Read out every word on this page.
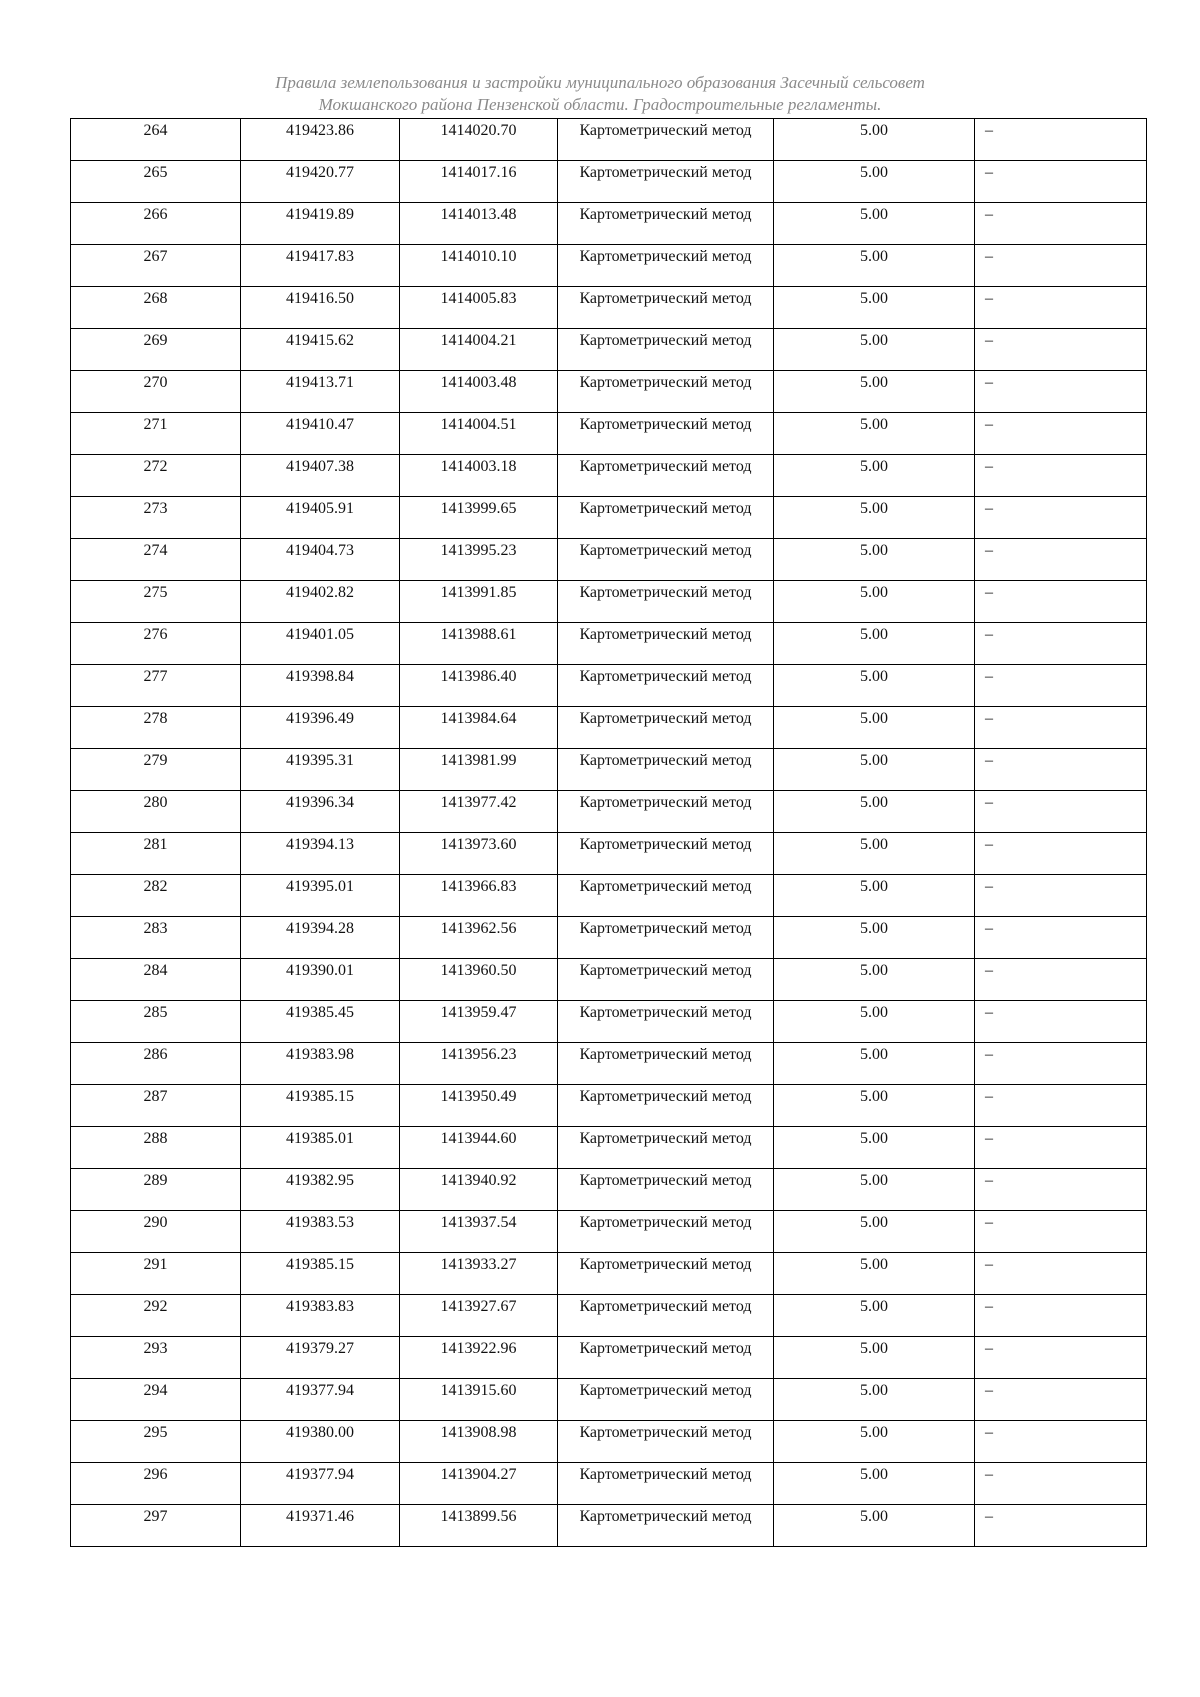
Правила землепользования и застройки муниципального образования Засечный сельсовет
Мокшанского района Пензенской области. Градостроительные регламенты.
264	419423.86	1414020.70	Картометрический метод	5.00	–
265	419420.77	1414017.16	Картометрический метод	5.00	–
266	419419.89	1414013.48	Картометрический метод	5.00	–
267	419417.83	1414010.10	Картометрический метод	5.00	–
268	419416.50	1414005.83	Картометрический метод	5.00	–
269	419415.62	1414004.21	Картометрический метод	5.00	–
270	419413.71	1414003.48	Картометрический метод	5.00	–
271	419410.47	1414004.51	Картометрический метод	5.00	–
272	419407.38	1414003.18	Картометрический метод	5.00	–
273	419405.91	1413999.65	Картометрический метод	5.00	–
274	419404.73	1413995.23	Картометрический метод	5.00	–
275	419402.82	1413991.85	Картометрический метод	5.00	–
276	419401.05	1413988.61	Картометрический метод	5.00	–
277	419398.84	1413986.40	Картометрический метод	5.00	–
278	419396.49	1413984.64	Картометрический метод	5.00	–
279	419395.31	1413981.99	Картометрический метод	5.00	–
280	419396.34	1413977.42	Картометрический метод	5.00	–
281	419394.13	1413973.60	Картометрический метод	5.00	–
282	419395.01	1413966.83	Картометрический метод	5.00	–
283	419394.28	1413962.56	Картометрический метод	5.00	–
284	419390.01	1413960.50	Картометрический метод	5.00	–
285	419385.45	1413959.47	Картометрический метод	5.00	–
286	419383.98	1413956.23	Картометрический метод	5.00	–
287	419385.15	1413950.49	Картометрический метод	5.00	–
288	419385.01	1413944.60	Картометрический метод	5.00	–
289	419382.95	1413940.92	Картометрический метод	5.00	–
290	419383.53	1413937.54	Картометрический метод	5.00	–
291	419385.15	1413933.27	Картометрический метод	5.00	–
292	419383.83	1413927.67	Картометрический метод	5.00	–
293	419379.27	1413922.96	Картометрический метод	5.00	–
294	419377.94	1413915.60	Картометрический метод	5.00	–
295	419380.00	1413908.98	Картометрический метод	5.00	–
296	419377.94	1413904.27	Картометрический метод	5.00	–
297	419371.46	1413899.56	Картометрический метод	5.00	–
